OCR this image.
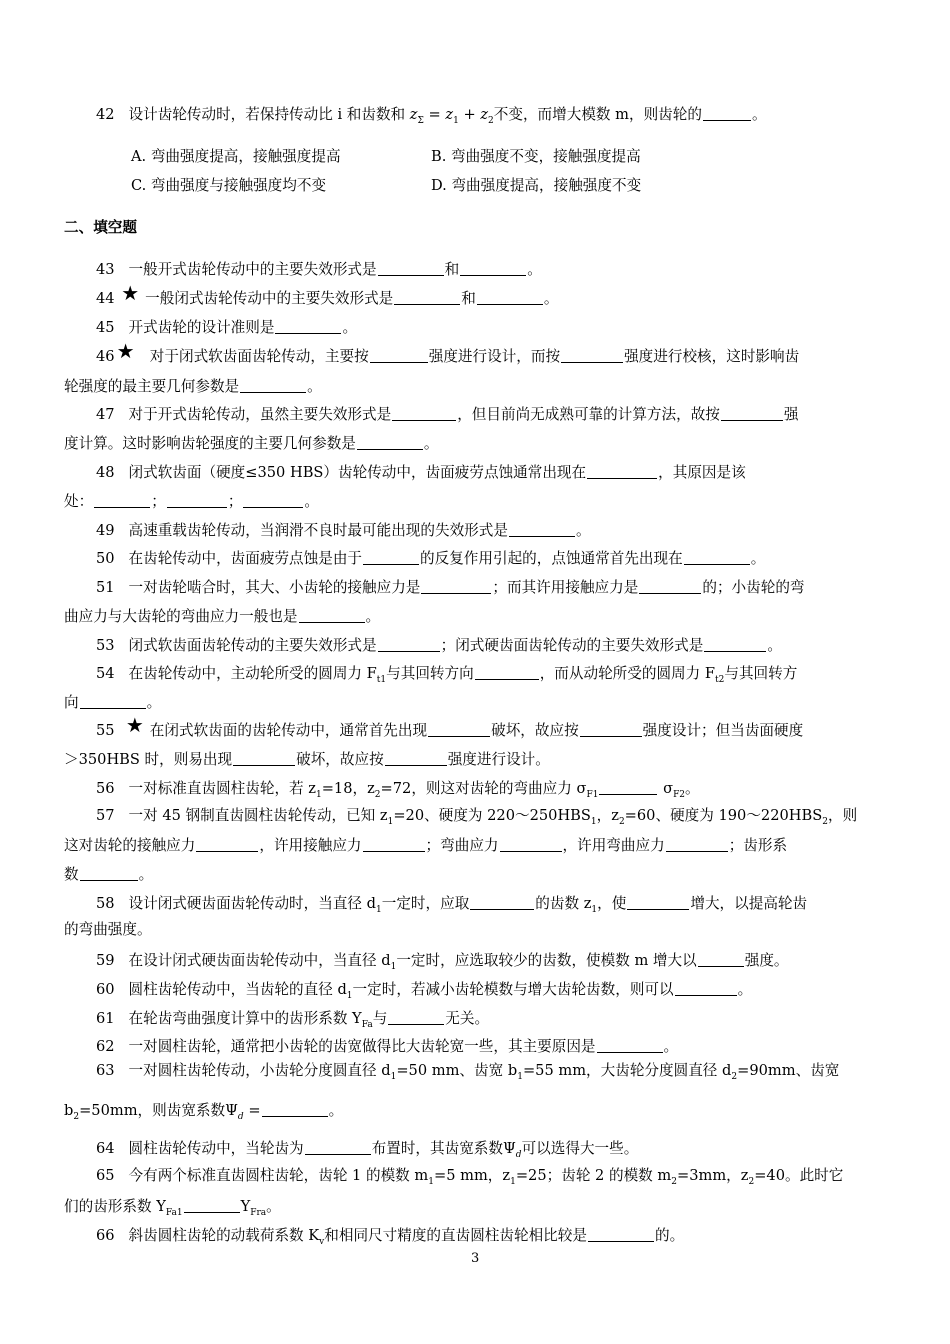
42 设计齿轮传动时，若保持传动比 i 和齿数和 $z_\Sigma = z_1 + z_2$不变，而增大模数 m，则齿轮的	。
A. 弯曲强度提高，接触强度提高	B. 弯曲强度不变，接触强度提高
C. 弯曲强度与接触强度均不变	D. 弯曲强度提高，接触强度不变
二、填空题
43 一般开式齿轮传动中的主要失效形式是	和	。
44 ★ 一般闭式齿轮传动中的主要失效形式是	和	。
45 开式齿轮的设计准则是	。
46 ★ 对于闭式软齿面齿轮传动，主要按	强度进行设计，而按	强度进行校核，这时影响齿
轮强度的最主要几何参数是	。
47 对于开式齿轮传动，虽然主要失效形式是	，但目前尚无成熟可靠的计算方法，故按	强
度计算。这时影响齿轮强度的主要几何参数是	。
48 闭式软齿面（硬度≤350 HBS）齿轮传动中，齿面疲劳点蚀通常出现在	，其原因是该
处：	；	；	。
49 高速重载齿轮传动，当润滑不良时最可能出现的失效形式是	。
50 在齿轮传动中，齿面疲劳点蚀是由于	的反复作用引起的，点蚀通常首先出现在	。
51 一对齿轮啮合时，其大、小齿轮的接触应力是	；而其许用接触应力是	的；小齿轮的弯
曲应力与大齿轮的弯曲应力一般也是	。
53 闭式软齿面齿轮传动的主要失效形式是	；闭式硬齿面齿轮传动的主要失效形式是	。
54 在齿轮传动中，主动轮所受的圆周力 $F_{t1}$与其回转方向	，而从动轮所受的圆周力 $F_{t2}$与其回转方
向	。
55 ★ 在闭式软齿面的齿轮传动中，通常首先出现	破坏，故应按	强度设计；但当齿面硬度
＞350HBS 时，则易出现	破坏，故应按	强度进行设计。
56 一对标准直齿圆柱齿轮，若 $z_1=18$，$z_2=72$，则这对齿轮的弯曲应力 $\sigma_{F1}$	$\sigma_{F2}$。
57 一对 45 钢制直齿圆柱齿轮传动，已知 $z_1=20$、硬度为 $220\sim 250HBS_1$，$z_2=60$、硬度为 $190\sim 220HBS_2$，则
这对齿轮的接触应力	，许用接触应力	；弯曲应力	，许用弯曲应力	；齿形系
数	。
58 设计闭式硬齿面齿轮传动时，当直径 $d_1$一定时，应取	的齿数 $z_1$，使	增大，以提高轮齿
的弯曲强度。
59 在设计闭式硬齿面齿轮传动中，当直径 $d_1$一定时，应选取较少的齿数，使模数 m 增大以	强度。
60 圆柱齿轮传动中，当齿轮的直径 $d_1$一定时，若减小齿轮模数与增大齿轮齿数，则可以	。
61 在轮齿弯曲强度计算中的齿形系数 $Y_{Fa}$与	无关。
62 一对圆柱齿轮，通常把小齿轮的齿宽做得比大齿轮宽一些，其主要原因是	。
63 一对圆柱齿轮传动，小齿轮分度圆直径 $d_1=50$ mm、齿宽 $b_1=55$ mm，大齿轮分度圆直径 $d_2=90mm$、齿宽
$b_2=50mm$，则齿宽系数$\Psi_d$ =	。
64 圆柱齿轮传动中，当轮齿为	布置时，其齿宽系数$\Psi_d$可以选得大一些。
65 今有两个标准直齿圆柱齿轮，齿轮 1 的模数 $m_1=5$ mm，$z_1=25$；齿轮 2 的模数 $m_2=3mm$，$z_2=40$。此时它
们的齿形系数 $Y_{Fa1}$	$Y_{Fra}$。
66 斜齿圆柱齿轮的动载荷系数 $K_v$和相同尺寸精度的直齿圆柱齿轮相比较是	的。
3
